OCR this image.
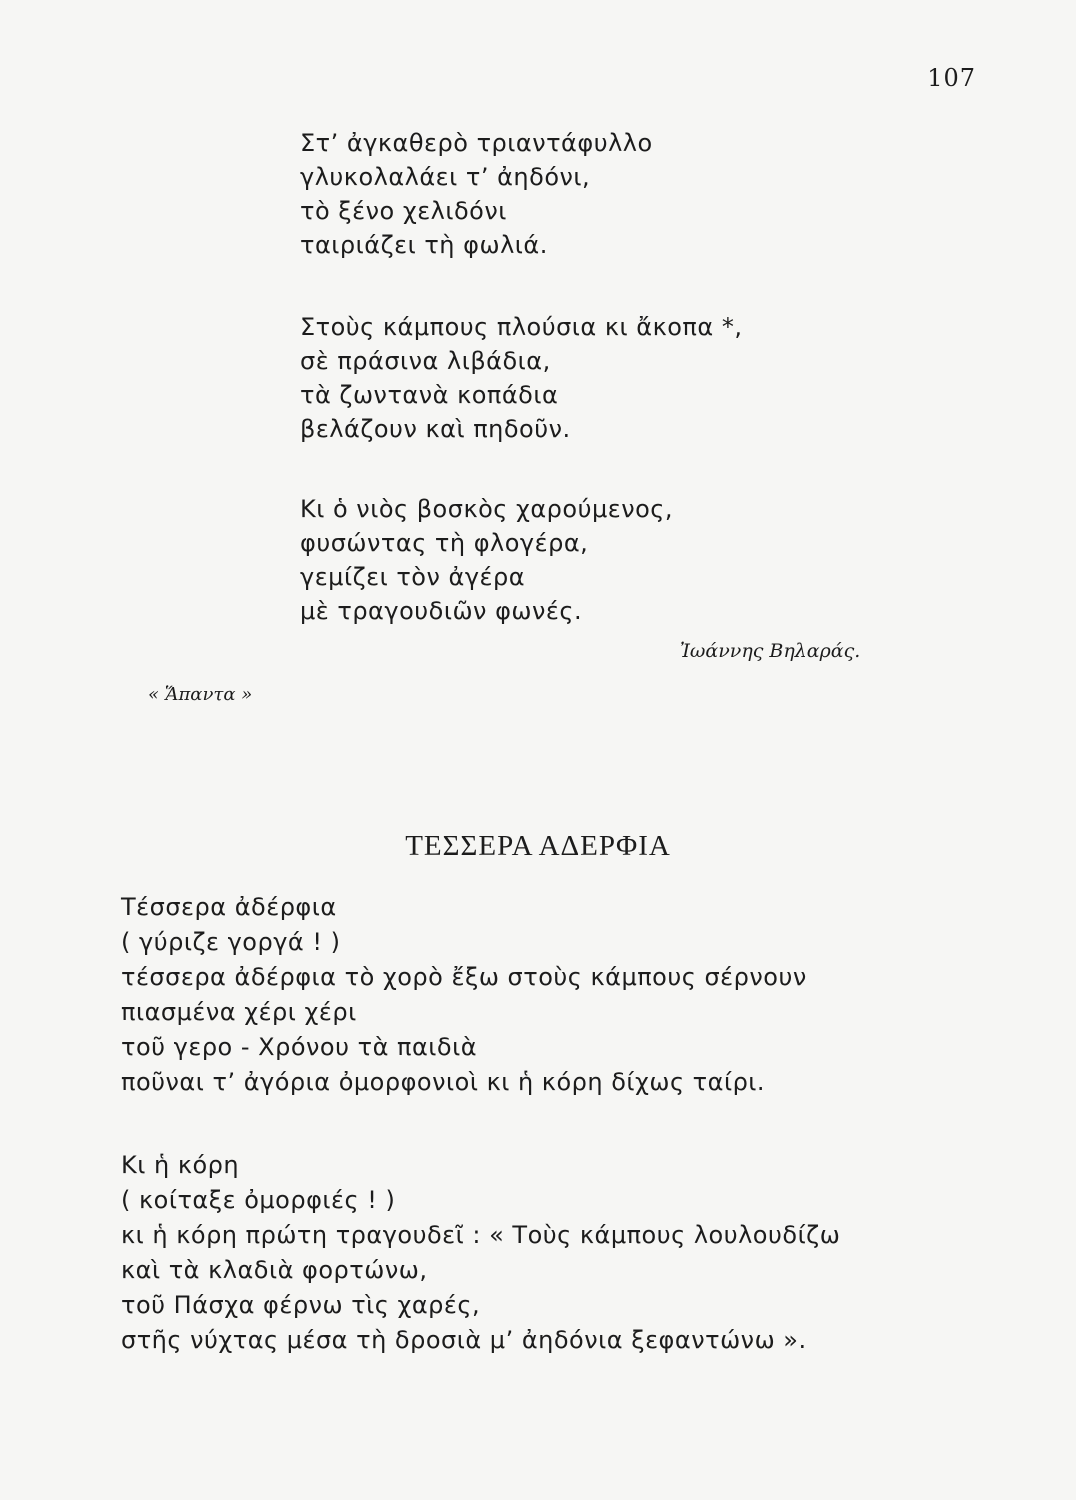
107
Στ’ ἀγκαθερὸ τριαντάφυλλο
γλυκολαλάει τ’ ἀηδόνι,
τὸ ξένο χελιδόνι
ταιριάζει τὴ φωλιά.
Στοὺς κάμπους πλούσια κι ἄκοπα *,
σὲ πράσινα λιβάδια,
τὰ ζωντανὰ κοπάδια
βελάζουν καὶ πηδοῦν.
Κι ὁ νιὸς βοσκὸς χαρούμενος,
φυσώντας τὴ φλογέρα,
γεμίζει τὸν ἀγέρα
μὲ τραγουδιῶν φωνές.
Ἰωάννης Βηλαράς.
« Ἅπαντα »
ΤΕΣΣΕΡΑ ΑΔΕΡΦΙΑ
Τέσσερα ἀδέρφια
( γύριζε γοργά ! )
τέσσερα ἀδέρφια τὸ χορὸ ἔξω στοὺς κάμπους σέρνουν
πιασμένα χέρι χέρι
τοῦ γερο - Χρόνου τὰ παιδιὰ
ποῦναι τ’ ἀγόρια ὀμορφονιοὶ κι ἡ κόρη δίχως ταίρι.
Κι ἡ κόρη
( κοίταξε ὀμορφιές ! )
κι ἡ κόρη πρώτη τραγουδεῖ : « Τοὺς κάμπους λουλουδίζω
καὶ τὰ κλαδιὰ φορτώνω,
τοῦ Πάσχα φέρνω τὶς χαρές,
στῆς νύχτας μέσα τὴ δροσιὰ μ’ ἀηδόνια ξεφαντώνω ».
